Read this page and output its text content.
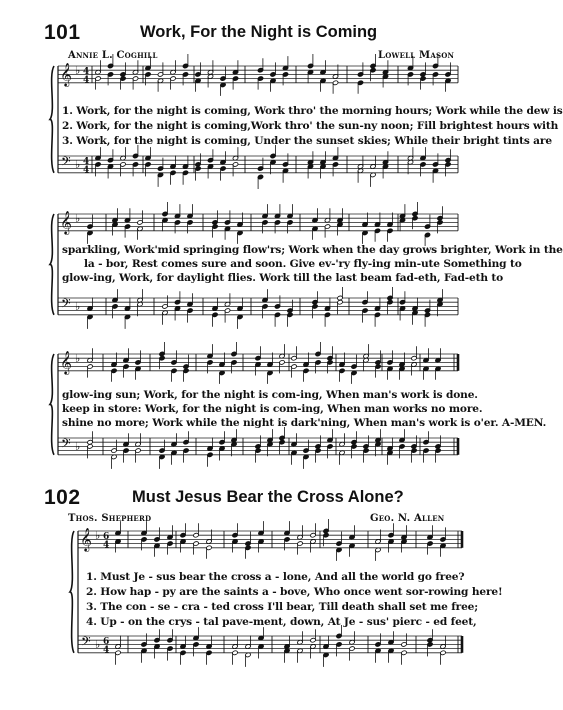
101	Work, For the Night is Coming
Annie L. Coghill	Lowell Mason
1. Work, for the night is coming, Work thro' the morning hours; Work while the dew is
2. Work, for the night is coming,Work thro' the sun-ny noon; Fill brightest hours with
3. Work, for the night is coming, Under the sunset skies; While their bright tints are
sparkling, Work'mid springing flow'rs; Work when the day grows brighter, Work in the
la - bor, Rest comes sure and soon. Give ev-'ry fly-ing min-ute Something to
glow-ing, Work, for daylight flies. Work till the last beam fad-eth, Fad-eth to
glow-ing sun; Work, for the night is com-ing, When man's work is done.
keep in store: Work, for the night is com-ing, When man works no more.
shine no more; Work while the night is dark'ning, When man's work is o'er. A-MEN.
102	Must Jesus Bear the Cross Alone?
Thos. Shepherd	Geo. N. Allen
1. Must Je - sus bear the cross a - lone, And all the world go free?
2. How hap - py are the saints a - bove, Who once went sor-rowing here!
3. The con - se - cra - ted cross I'll bear, Till death shall set me free;
4. Up - on the crys - tal pave-ment, down, At Je - sus' pierc - ed feet,
𝄞
𝄢
♭
♭
4
4
4
4
𝄞
𝄢
♭
♭
𝄞
𝄢
♭
♭
𝄞
𝄢
♭
♭
6
4
6
4
